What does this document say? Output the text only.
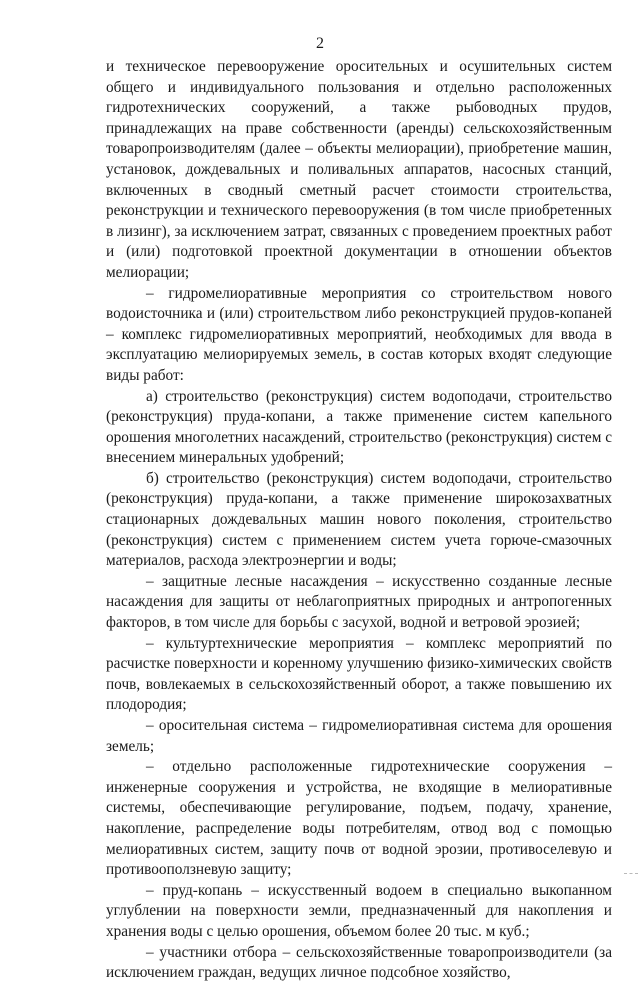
2

и техническое перевооружение оросительных и осушительных систем общего и индивидуального пользования и отдельно расположенных гидротехнических сооружений, а также рыбоводных прудов, принадлежащих на праве собственности (аренды) сельскохозяйственным товаропроизводителям (далее – объекты мелиорации), приобретение машин, установок, дождевальных и поливальных аппаратов, насосных станций, включенных в сводный сметный расчет стоимости строительства, реконструкции и технического перевооружения (в том числе приобретенных в лизинг), за исключением затрат, связанных с проведением проектных работ и (или) подготовкой проектной документации в отношении объектов мелиорации;

– гидромелиоративные мероприятия со строительством нового водоисточника и (или) строительством либо реконструкцией прудов-копаней – комплекс гидромелиоративных мероприятий, необходимых для ввода в эксплуатацию мелиорируемых земель, в состав которых входят следующие виды работ:

а) строительство (реконструкция) систем водоподачи, строительство (реконструкция) пруда-копани, а также применение систем капельного орошения многолетних насаждений, строительство (реконструкция) систем с внесением минеральных удобрений;

б) строительство (реконструкция) систем водоподачи, строительство (реконструкция) пруда-копани, а также применение широкозахватных стационарных дождевальных машин нового поколения, строительство (реконструкция) систем с применением систем учета горюче-смазочных материалов, расхода электроэнергии и воды;

– защитные лесные насаждения – искусственно созданные лесные насаждения для защиты от неблагоприятных природных и антропогенных факторов, в том числе для борьбы с засухой, водной и ветровой эрозией;

– культуртехнические мероприятия – комплекс мероприятий по расчистке поверхности и коренному улучшению физико-химических свойств почв, вовлекаемых в сельскохозяйственный оборот, а также повышению их плодородия;

– оросительная система – гидромелиоративная система для орошения земель;

– отдельно расположенные гидротехнические сооружения – инженерные сооружения и устройства, не входящие в мелиоративные системы, обеспечивающие регулирование, подъем, подачу, хранение, накопление, распределение воды потребителям, отвод вод с помощью мелиоративных систем, защиту почв от водной эрозии, противоселевую и противооползневую защиту;

– пруд-копань – искусственный водоем в специально выкопанном углублении на поверхности земли, предназначенный для накопления и хранения воды с целью орошения, объемом более 20 тыс. м куб.;

– участники отбора – сельскохозяйственные товаропроизводители (за исключением граждан, ведущих личное подсобное хозяйство,
